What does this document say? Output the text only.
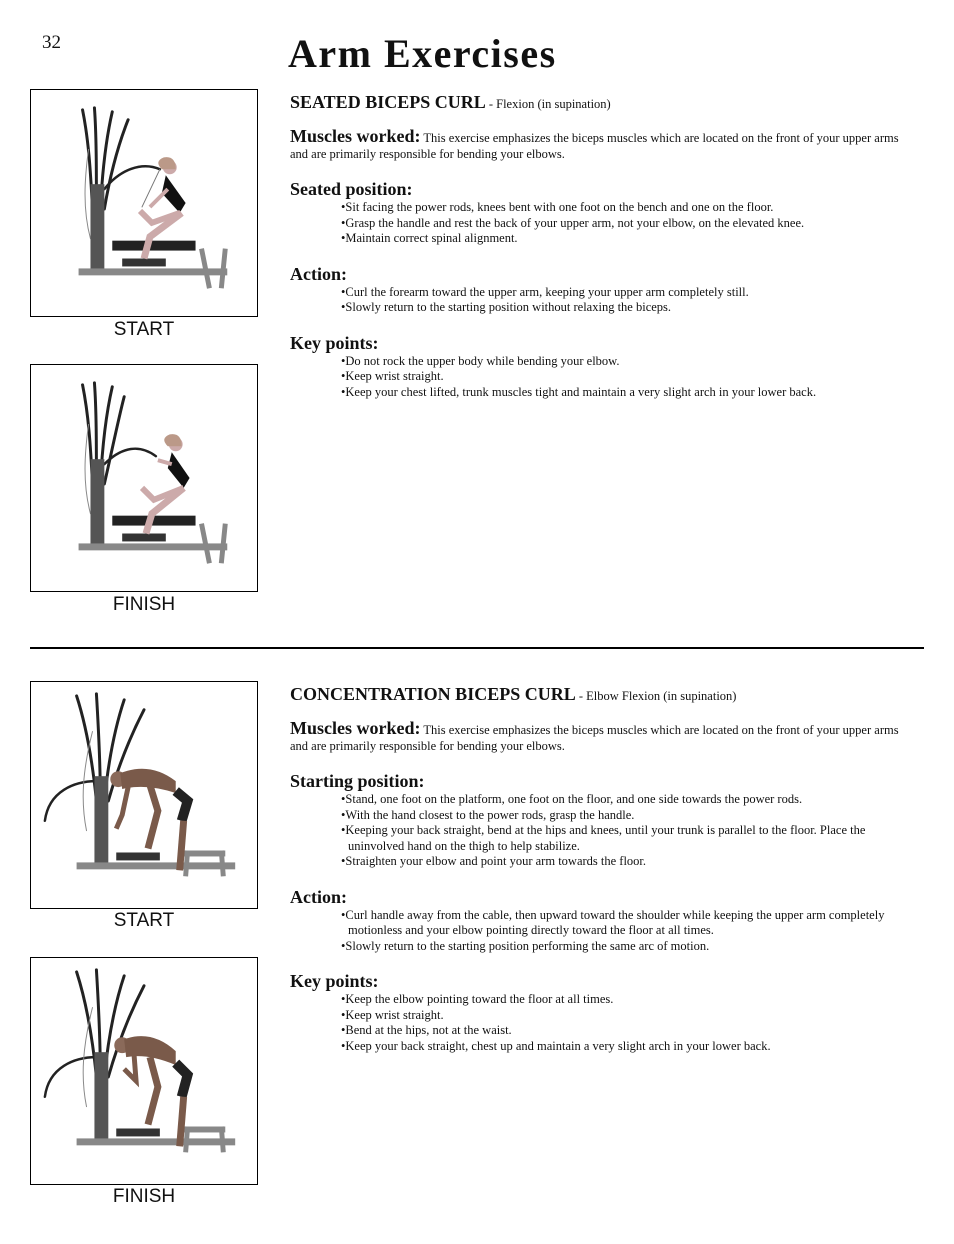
32	Arm Exercises
START
FINISH
SEATED BICEPS CURL - Flexion (in supination)
Muscles worked: This exercise emphasizes the biceps muscles which are located on the front of your upper arms and are primarily responsible for bending your elbows.
Seated position:
• Sit facing the power rods, knees bent with one foot on the bench and one on the floor.
• Grasp the handle and rest the back of your upper arm, not your elbow, on the elevated knee.
• Maintain correct spinal alignment.
Action:
• Curl the forearm toward the upper arm, keeping your upper arm completely still.
• Slowly return to the starting position without relaxing the biceps.
Key points:
• Do not rock the upper body while bending your elbow.
• Keep wrist straight.
• Keep your chest lifted, trunk muscles tight and maintain a very slight arch in your lower back.
START
FINISH
CONCENTRATION BICEPS CURL - Elbow Flexion (in supination)
Muscles worked: This exercise emphasizes the biceps muscles which are located on the front of your upper arms and are primarily responsible for bending your elbows.
Starting position:
• Stand, one foot on the platform, one foot on the floor, and one side towards the power rods.
• With the hand closest to the power rods, grasp the handle.
• Keeping your back straight, bend at the hips and knees, until your trunk is parallel to the floor. Place the uninvolved hand on the thigh to help stabilize.
• Straighten your elbow and point your arm towards the floor.
Action:
• Curl handle away from the cable, then upward toward the shoulder while keeping the upper arm completely motionless and your elbow pointing directly toward the floor at all times.
• Slowly return to the starting position performing the same arc of motion.
Key points:
• Keep the elbow pointing toward the floor at all times.
• Keep wrist straight.
• Bend at the hips, not at the waist.
• Keep your back straight, chest up and maintain a very slight arch in your lower back.
